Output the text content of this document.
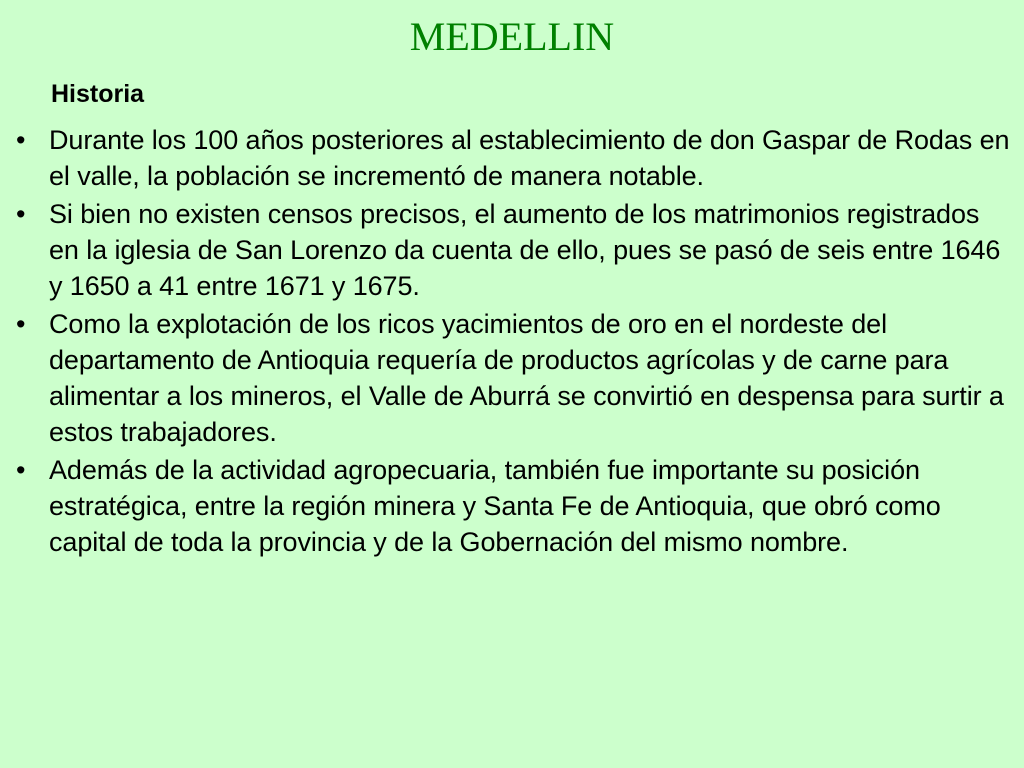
MEDELLIN
Historia
• Durante los 100 años posteriores al establecimiento de don Gaspar de Rodas en el valle, la población se incrementó de manera notable.
• Si bien no existen censos precisos, el aumento de los matrimonios registrados en la iglesia de San Lorenzo da cuenta de ello, pues se pasó de seis entre 1646 y 1650 a 41 entre 1671 y 1675.
• Como la explotación de los ricos yacimientos de oro en el nordeste del departamento de Antioquia requería de productos agrícolas y de carne para alimentar a los mineros, el Valle de Aburrá se convirtió en despensa para surtir a estos trabajadores.
• Además de la actividad agropecuaria, también fue importante su posición estratégica, entre la región minera y Santa Fe de Antioquia, que obró como capital de toda la provincia y de la Gobernación del mismo nombre.
